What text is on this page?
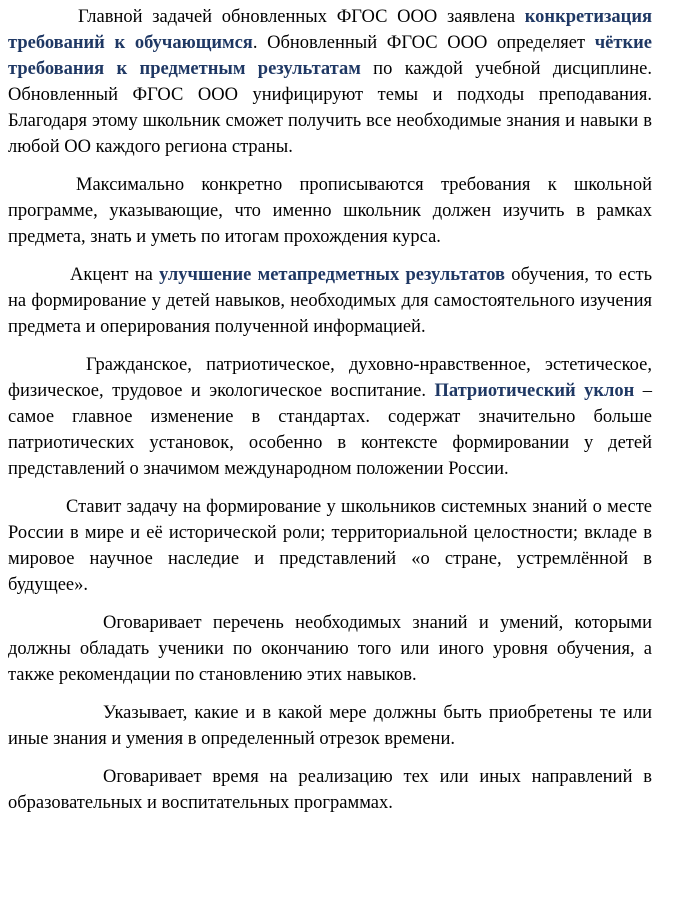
Главной задачей обновленных ФГОС ООО заявлена конкретизация требований к обучающимся. Обновленный ФГОС ООО определяет чёткие требования к предметным результатам по каждой учебной дисциплине. Обновленный ФГОС ООО унифицируют темы и подходы преподавания. Благодаря этому школьник сможет получить все необходимые знания и навыки в любой ОО каждого региона страны.

Максимально конкретно прописываются требования к школьной программе, указывающие, что именно школьник должен изучить в рамках предмета, знать и уметь по итогам прохождения курса.

Акцент на улучшение метапредметных результатов обучения, то есть на формирование у детей навыков, необходимых для самостоятельного изучения предмета и оперирования полученной информацией.

Гражданское, патриотическое, духовно-нравственное, эстетическое, физическое, трудовое и экологическое воспитание. Патриотический уклон – самое главное изменение в стандартах. содержат значительно больше патриотических установок, особенно в контексте формировании у детей представлений о значимом международном положении России.

Ставит задачу на формирование у школьников системных знаний о месте России в мире и её исторической роли; территориальной целостности; вкладе в мировое научное наследие и представлений «о стране, устремлённой в будущее».

Оговаривает перечень необходимых знаний и умений, которыми должны обладать ученики по окончанию того или иного уровня обучения, а также рекомендации по становлению этих навыков.

Указывает, какие и в какой мере должны быть приобретены те или иные знания и умения в определенный отрезок времени.

Оговаривает время на реализацию тех или иных направлений в образовательных и воспитательных программах.
